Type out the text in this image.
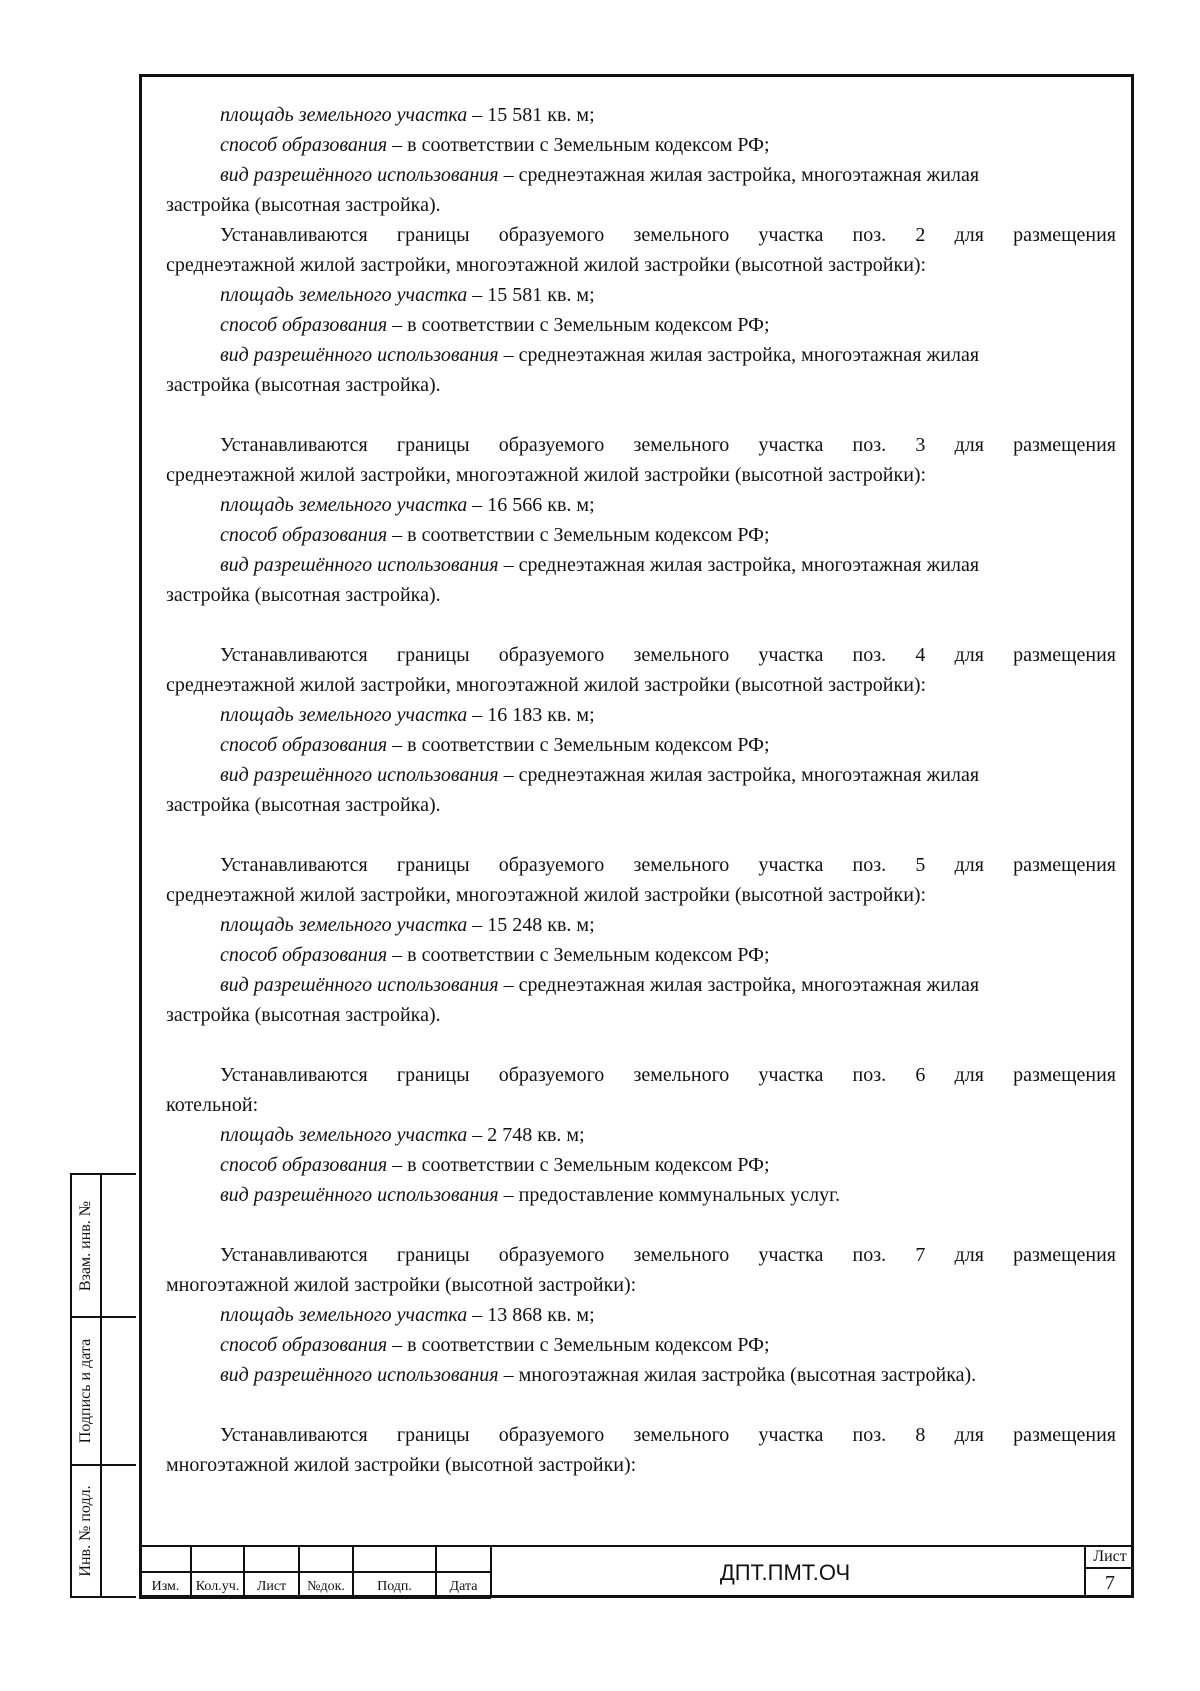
площадь земельного участка – 15 581 кв. м;
способ образования – в соответствии с Земельным кодексом РФ;
вид разрешённого использования – среднеэтажная жилая застройка, многоэтажная жилая
застройка (высотная застройка).
Устанавливаются границы образуемого земельного участка поз. 2 для размещения
среднеэтажной жилой застройки, многоэтажной жилой застройки (высотной застройки):
площадь земельного участка – 15 581 кв. м;
способ образования – в соответствии с Земельным кодексом РФ;
вид разрешённого использования – среднеэтажная жилая застройка, многоэтажная жилая
застройка (высотная застройка).
Устанавливаются границы образуемого земельного участка поз. 3 для размещения
среднеэтажной жилой застройки, многоэтажной жилой застройки (высотной застройки):
площадь земельного участка – 16 566 кв. м;
способ образования – в соответствии с Земельным кодексом РФ;
вид разрешённого использования – среднеэтажная жилая застройка, многоэтажная жилая
застройка (высотная застройка).
Устанавливаются границы образуемого земельного участка поз. 4 для размещения
среднеэтажной жилой застройки, многоэтажной жилой застройки (высотной застройки):
площадь земельного участка – 16 183 кв. м;
способ образования – в соответствии с Земельным кодексом РФ;
вид разрешённого использования – среднеэтажная жилая застройка, многоэтажная жилая
застройка (высотная застройка).
Устанавливаются границы образуемого земельного участка поз. 5 для размещения
среднеэтажной жилой застройки, многоэтажной жилой застройки (высотной застройки):
площадь земельного участка – 15 248 кв. м;
способ образования – в соответствии с Земельным кодексом РФ;
вид разрешённого использования – среднеэтажная жилая застройка, многоэтажная жилая
застройка (высотная застройка).
Устанавливаются границы образуемого земельного участка поз. 6 для размещения
котельной:
площадь земельного участка – 2 748 кв. м;
способ образования – в соответствии с Земельным кодексом РФ;
вид разрешённого использования – предоставление коммунальных услуг.
Устанавливаются границы образуемого земельного участка поз. 7 для размещения
многоэтажной жилой застройки (высотной застройки):
площадь земельного участка – 13 868 кв. м;
способ образования – в соответствии с Земельным кодексом РФ;
вид разрешённого использования – многоэтажная жилая застройка (высотная застройка).
Устанавливаются границы образуемого земельного участка поз. 8 для размещения
многоэтажной жилой застройки (высотной застройки):
Взам. инв. №
Подпись и дата
Инв. № подл.
Изм.	Кол.уч.	Лист	№док.	Подп.	Дата
ДПТ.ПМТ.ОЧ
Лист
7
